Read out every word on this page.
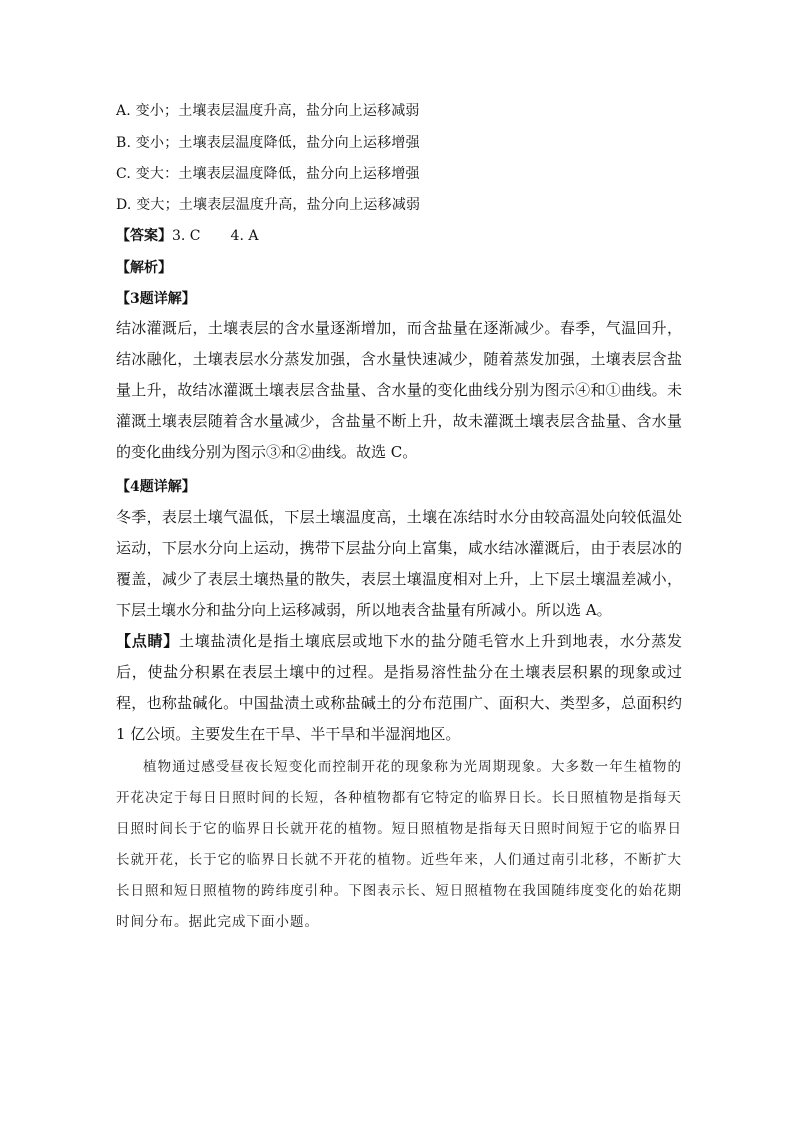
A. 变小；土壤表层温度升高，盐分向上运移减弱
B. 变小；土壤表层温度降低，盐分向上运移增强
C. 变大：土壤表层温度降低，盐分向上运移增强
D. 变大；土壤表层温度升高，盐分向上运移减弱
【答案】3. C 4. A
【解析】
【3题详解】
结冰灌溉后，土壤表层的含水量逐渐增加，而含盐量在逐渐减少。春季，气温回升，结冰融化，土壤表层水分蒸发加强，含水量快速减少，随着蒸发加强，土壤表层含盐量上升，故结冰灌溉土壤表层含盐量、含水量的变化曲线分别为图示④和①曲线。未灌溉土壤表层随着含水量减少，含盐量不断上升，故未灌溉土壤表层含盐量、含水量的变化曲线分别为图示③和②曲线。故选 C。
【4题详解】
冬季，表层土壤气温低，下层土壤温度高，土壤在冻结时水分由较高温处向较低温处运动，下层水分向上运动，携带下层盐分向上富集，咸水结冰灌溉后，由于表层冰的覆盖，减少了表层土壤热量的散失，表层土壤温度相对上升，上下层土壤温差减小，下层土壤水分和盐分向上运移减弱，所以地表含盐量有所减小。所以选 A。
【点睛】土壤盐渍化是指土壤底层或地下水的盐分随毛管水上升到地表，水分蒸发后，使盐分积累在表层土壤中的过程。是指易溶性盐分在土壤表层积累的现象或过程，也称盐碱化。中国盐渍土或称盐碱土的分布范围广、面积大、类型多，总面积约 1 亿公顷。主要发生在干旱、半干旱和半湿润地区。
植物通过感受昼夜长短变化而控制开花的现象称为光周期现象。大多数一年生植物的开花决定于每日日照时间的长短，各种植物都有它特定的临界日长。长日照植物是指每天日照时间长于它的临界日长就开花的植物。短日照植物是指每天日照时间短于它的临界日长就开花，长于它的临界日长就不开花的植物。近些年来，人们通过南引北移，不断扩大长日照和短日照植物的跨纬度引种。下图表示长、短日照植物在我国随纬度变化的始花期时间分布。据此完成下面小题。
